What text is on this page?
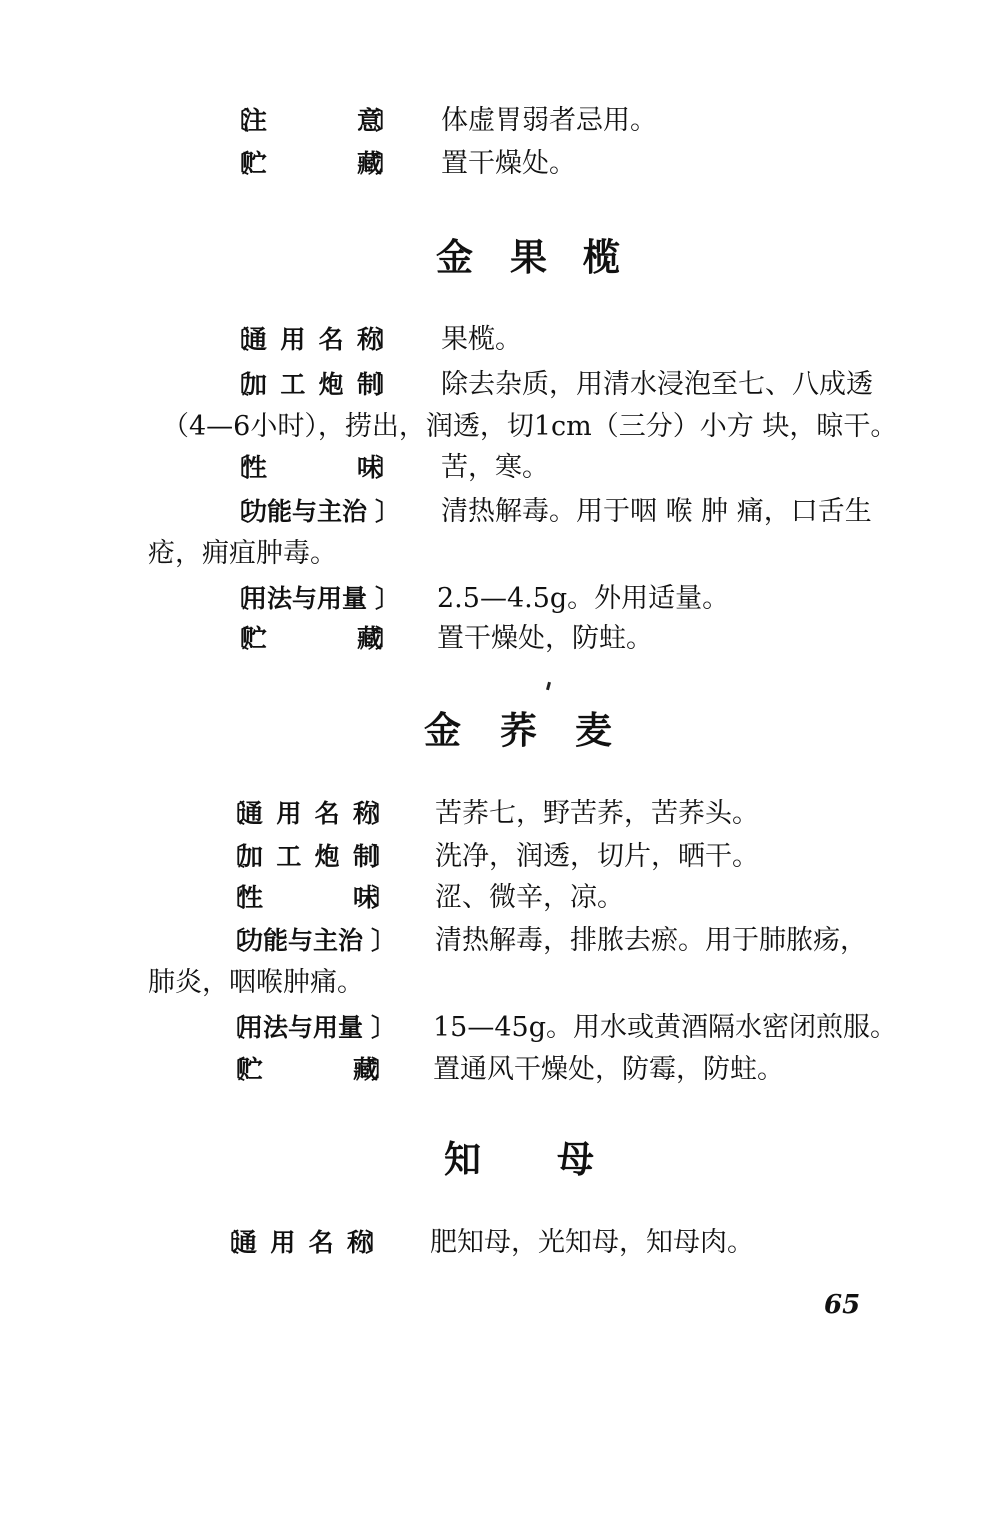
〔
注	意
〕 体虚胃弱者忌用。
〔
贮	藏
〕 置干燥处。
金 果 榄
〔
通 用 名 称
〕 果榄。
〔
加 工 炮 制
〕 除去杂质，用清水浸泡至七、八成透
（4—6小时），捞出，润透，切1cm（三分）小方 块，晾干。
〔
性	味
〕 苦，寒。
〔
功能与主治 〕 清热解毒。用于咽 喉 肿 痛，口舌生
疮，痈疽肿毒。
〔
用法与用量 〕 2.5—4.5g。外用适量。
〔
贮	藏
〕 置干燥处，防蛀。
金 荞 麦
〔
通 用 名 称
〕 苦荞七，野苦荞，苦荞头。
〔
加 工 炮 制
〕 洗净，润透，切片，晒干。
〔
性	味
〕 涩、微辛，凉。
〔
功能与主治 〕 清热解毒，排脓去瘀。用于肺脓疡，
肺炎，咽喉肿痛。
〔
用法与用量 〕 15—45g。用水或黄酒隔水密闭煎服。
〔
贮	藏
〕 置通风干燥处，防霉，防蛀。
知 母
〔
通 用 名 称
〕 肥知母，光知母，知母肉。
65
